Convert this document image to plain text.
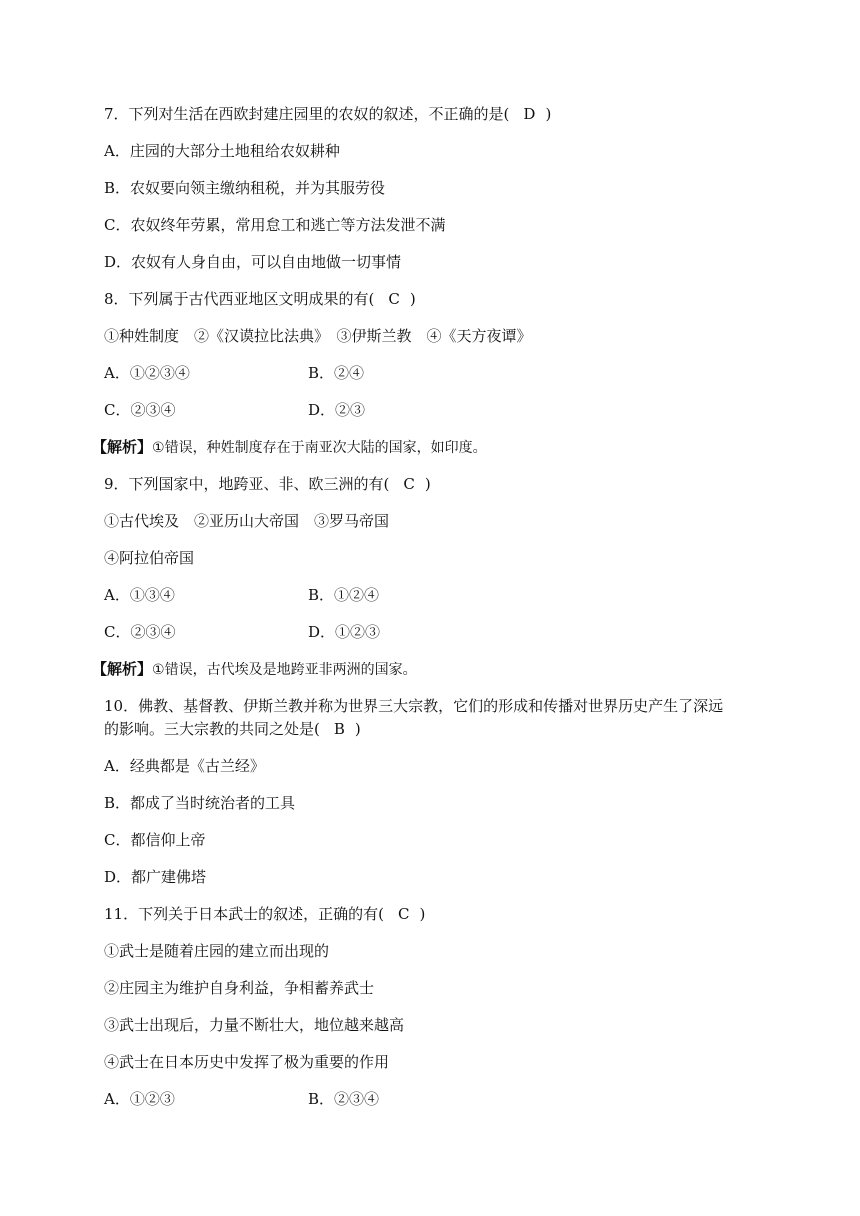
7．下列对生活在西欧封建庄园里的农奴的叙述，不正确的是( D )

A．庄园的大部分土地租给农奴耕种

B．农奴要向领主缴纳租税，并为其服劳役

C．农奴终年劳累，常用怠工和逃亡等方法发泄不满

D．农奴有人身自由，可以自由地做一切事情

8．下列属于古代西亚地区文明成果的有( C )

①种姓制度　②《汉谟拉比法典》　③伊斯兰教　④《天方夜谭》

A．①②③④	B．②④

C．②③④	D．②③

【解析】①错误，种姓制度存在于南亚次大陆的国家，如印度。

9．下列国家中，地跨亚、非、欧三洲的有( C )

①古代埃及　②亚历山大帝国　③罗马帝国

④阿拉伯帝国

A．①③④	B．①②④

C．②③④	D．①②③

【解析】①错误，古代埃及是地跨亚非两洲的国家。

10．佛教、基督教、伊斯兰教并称为世界三大宗教，它们的形成和传播对世界历史产生了深远

的影响。三大宗教的共同之处是( B )

A．经典都是《古兰经》

B．都成了当时统治者的工具

C．都信仰上帝

D．都广建佛塔

11．下列关于日本武士的叙述，正确的有( C )

①武士是随着庄园的建立而出现的

②庄园主为维护自身利益，争相蓄养武士

③武士出现后，力量不断壮大，地位越来越高

④武士在日本历史中发挥了极为重要的作用

A．①②③	B．②③④
